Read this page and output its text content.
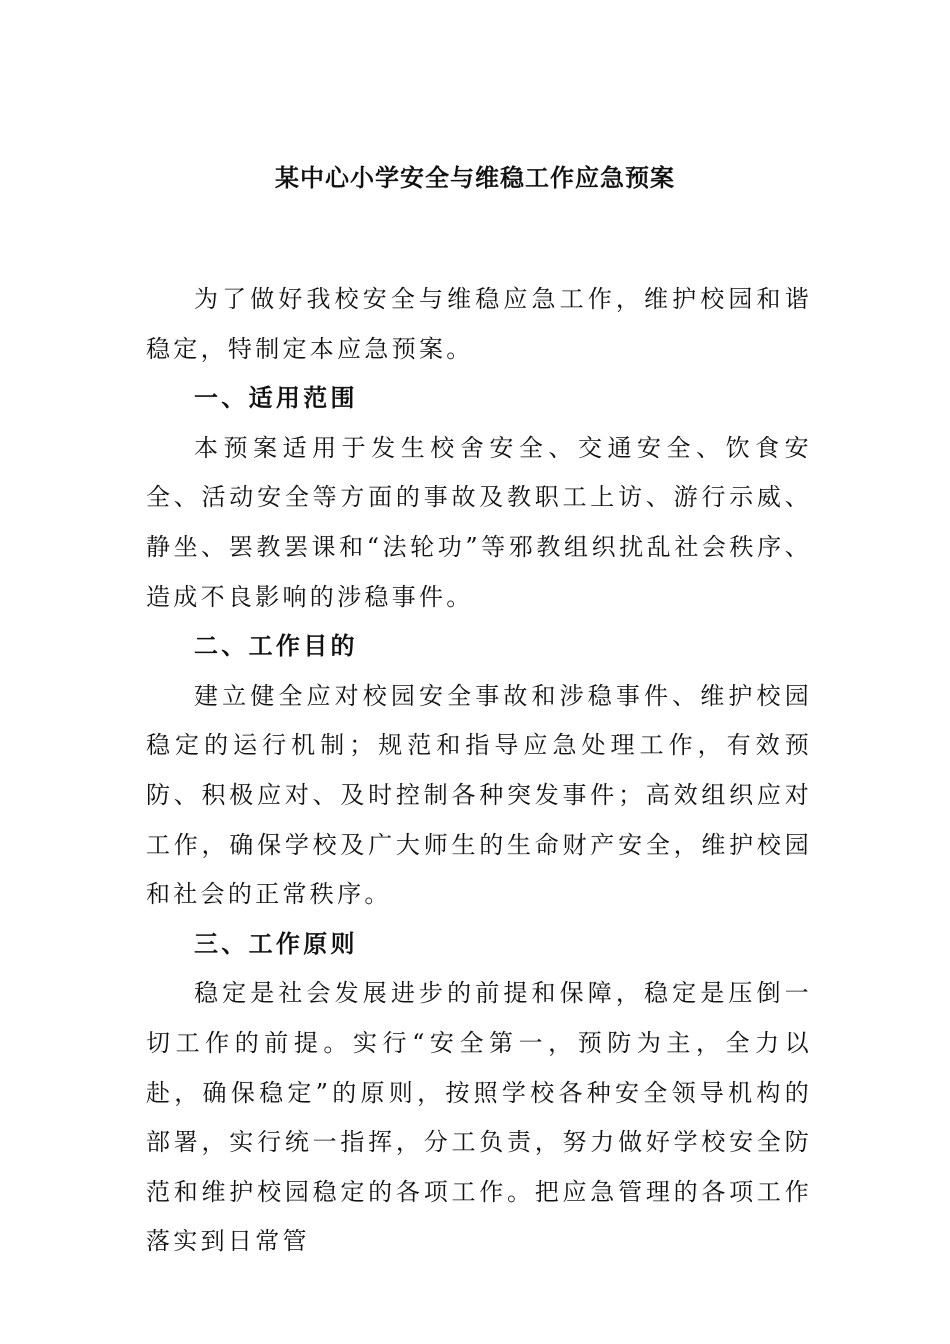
某中心小学安全与维稳工作应急预案

为了做好我校安全与维稳应急工作，维护校园和谐稳定，特制定本应急预案。

一、适用范围

本预案适用于发生校舍安全、交通安全、饮食安全、活动安全等方面的事故及教职工上访、游行示威、静坐、罢教罢课和“法轮功”等邪教组织扰乱社会秩序、造成不良影响的涉稳事件。

二、工作目的

建立健全应对校园安全事故和涉稳事件、维护校园稳定的运行机制；规范和指导应急处理工作，有效预防、积极应对、及时控制各种突发事件；高效组织应对工作，确保学校及广大师生的生命财产安全，维护校园和社会的正常秩序。

三、工作原则

稳定是社会发展进步的前提和保障，稳定是压倒一切工作的前提。实行“安全第一，预防为主，全力以赴，确保稳定”的原则，按照学校各种安全领导机构的部署，实行统一指挥，分工负责，努力做好学校安全防范和维护校园稳定的各项工作。把应急管理的各项工作落实到日常管
